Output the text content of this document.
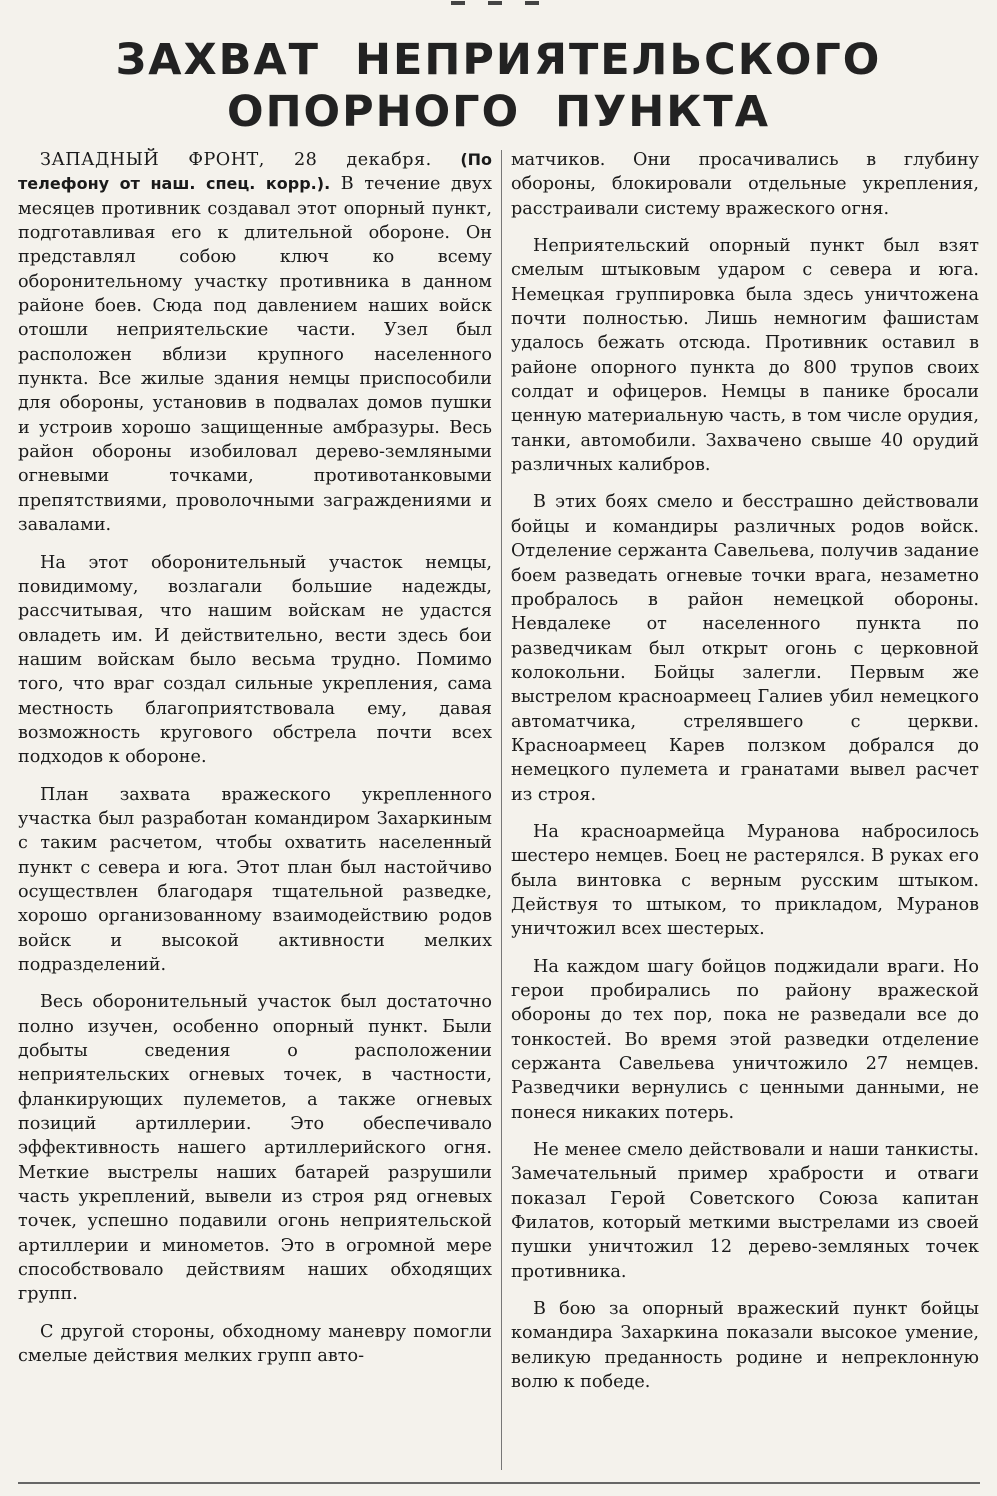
ЗАХВАТ НЕПРИЯТЕЛЬСКОГО
ОПОРНОГО ПУНКТА

ЗАПАДНЫЙ ФРОНТ, 28 декабря. (По телефону от наш. спец. корр.). В течение двух месяцев противник создавал этот опорный пункт, подготавливая его к длительной обороне. Он представлял собою ключ ко всему оборонительному участку противника в данном районе боев. Сюда под давлением наших войск отошли неприятельские части. Узел был расположен вблизи крупного населенного пункта. Все жилые здания немцы приспособили для обороны, установив в подвалах домов пушки и устроив хорошо защищенные амбразуры. Весь район обороны изобиловал дерево-земляными огневыми точками, противотанковыми препятствиями, проволочными заграждениями и завалами.

На этот оборонительный участок немцы, повидимому, возлагали большие надежды, рассчитывая, что нашим войскам не удастся овладеть им. И действительно, вести здесь бои нашим войскам было весьма трудно. Помимо того, что враг создал сильные укрепления, сама местность благоприятствовала ему, давая возможность кругового обстрела почти всех подходов к обороне.

План захвата вражеского укрепленного участка был разработан командиром Захаркиным с таким расчетом, чтобы охватить населенный пункт с севера и юга. Этот план был настойчиво осуществлен благодаря тщательной разведке, хорошо организованному взаимодействию родов войск и высокой активности мелких подразделений.

Весь оборонительный участок был достаточно полно изучен, особенно опорный пункт. Были добыты сведения о расположении неприятельских огневых точек, в частности, фланкирующих пулеметов, а также огневых позиций артиллерии. Это обеспечивало эффективность нашего артиллерийского огня. Меткие выстрелы наших батарей разрушили часть укреплений, вывели из строя ряд огневых точек, успешно подавили огонь неприятельской артиллерии и минометов. Это в огромной мере способствовало действиям наших обходящих групп.

С другой стороны, обходному маневру помогли смелые действия мелких групп авто-

матчиков. Они просачивались в глубину обороны, блокировали отдельные укрепления, расстраивали систему вражеского огня.

Неприятельский опорный пункт был взят смелым штыковым ударом с севера и юга. Немецкая группировка была здесь уничтожена почти полностью. Лишь немногим фашистам удалось бежать отсюда. Противник оставил в районе опорного пункта до 800 трупов своих солдат и офицеров. Немцы в панике бросали ценную материальную часть, в том числе орудия, танки, автомобили. Захвачено свыше 40 орудий различных калибров.

В этих боях смело и бесстрашно действовали бойцы и командиры различных родов войск. Отделение сержанта Савельева, получив задание боем разведать огневые точки врага, незаметно пробралось в район немецкой обороны. Невдалеке от населенного пункта по разведчикам был открыт огонь с церковной колокольни. Бойцы залегли. Первым же выстрелом красноармеец Галиев убил немецкого автоматчика, стрелявшего с церкви. Красноармеец Карев ползком добрался до немецкого пулемета и гранатами вывел расчет из строя.

На красноармейца Муранова набросилось шестеро немцев. Боец не растерялся. В руках его была винтовка с верным русским штыком. Действуя то штыком, то прикладом, Муранов уничтожил всех шестерых.

На каждом шагу бойцов поджидали враги. Но герои пробирались по району вражеской обороны до тех пор, пока не разведали все до тонкостей. Во время этой разведки отделение сержанта Савельева уничтожило 27 немцев. Разведчики вернулись с ценными данными, не понеся никаких потерь.

Не менее смело действовали и наши танкисты. Замечательный пример храбрости и отваги показал Герой Советского Союза капитан Филатов, который меткими выстрелами из своей пушки уничтожил 12 дерево-земляных точек противника.

В бою за опорный вражеский пункт бойцы командира Захаркина показали высокое умение, великую преданность родине и непреклонную волю к победе.
